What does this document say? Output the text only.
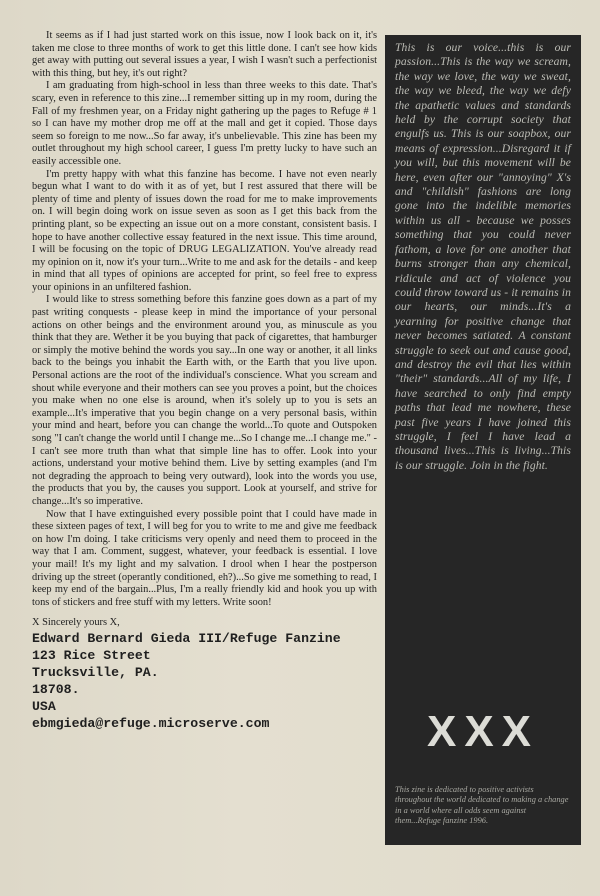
It seems as if I had just started work on this issue, now I look back on it, it's taken me close to three months of work to get this little done. I can't see how kids get away with putting out several issues a year, I wish I wasn't such a perfectionist with this thing, but hey, it's out right?

I am graduating from high-school in less than three weeks to this date. That's scary, even in reference to this zine...I remember sitting up in my room, during the Fall of my freshmen year, on a Friday night gathering up the pages to Refuge # 1 so I can have my mother drop me off at the mall and get it copied. Those days seem so foreign to me now...So far away, it's unbelievable. This zine has been my outlet throughout my high school career, I guess I'm pretty lucky to have such an easily accessible one.

I'm pretty happy with what this fanzine has become. I have not even nearly begun what I want to do with it as of yet, but I rest assured that there will be plenty of time and plenty of issues down the road for me to make improvements on. I will begin doing work on issue seven as soon as I get this back from the printing plant, so be expecting an issue out on a more constant, consistent basis. I hope to have another collective essay featured in the next issue. This time around, I will be focusing on the topic of DRUG LEGALIZATION. You've already read my opinion on it, now it's your turn...Write to me and ask for the details - and keep in mind that all types of opinions are accepted for print, so feel free to express your opinions in an unfiltered fashion.

I would like to stress something before this fanzine goes down as a part of my past writing conquests - please keep in mind the importance of your personal actions on other beings and the environment around you, as minuscule as you think that they are. Wether it be you buying that pack of cigarettes, that hamburger or simply the motive behind the words you say...In one way or another, it all links back to the beings you inhabit the Earth with, or the Earth that you live upon. Personal actions are the root of the individual's conscience. What you scream and shout while everyone and their mothers can see you proves a point, but the choices you make when no one else is around, when it's solely up to you is sets an example...It's imperative that you begin change on a very personal basis, within your mind and heart, before you can change the world...To quote and Outspoken song "I can't change the world until I change me...So I change me...I change me." - I can't see more truth than what that simple line has to offer. Look into your actions, understand your motive behind them. Live by setting examples (and I'm not degrading the approach to being very outward), look into the words you use, the products that you by, the causes you support. Look at yourself, and strive for change...It's so imperative.

Now that I have extinguished every possible point that I could have made in these sixteen pages of text, I will beg for you to write to me and give me feedback on how I'm doing. I take criticisms very openly and need them to proceed in the way that I am. Comment, suggest, whatever, your feedback is essential. I love your mail! It's my light and my salvation. I drool when I hear the postperson driving up the street (operantly conditioned, eh?)...So give me something to read, I keep my end of the bargain...Plus, I'm a really friendly kid and hook you up with tons of stickers and free stuff with my letters. Write soon!

X Sincerely yours X,
Edward Bernard Gieda III/Refuge Fanzine
123 Rice Street
Trucksville, PA.
18708.
USA
ebmgieda@refuge.microserve.com
This is our voice...this is our passion...This is the way we scream, the way we love, the way we sweat, the way we bleed, the way we defy the apathetic values and standards held by the corrupt society that engulfs us. This is our soapbox, our means of expression...Disregard it if you will, but this movement will be here, even after our "annoying" X's and "childish" fashions are long gone into the indelible memories within us all - because we posses something that you could never fathom, a love for one another that burns stronger than any chemical, ridicule and act of violence you could throw toward us - it remains in our hearts, our minds...It's a yearning for positive change that never becomes satiated. A constant struggle to seek out and cause good, and destroy the evil that lies within "their" standards...All of my life, I have searched to only find empty paths that lead me nowhere, these past five years I have joined this struggle, I feel I have lead a thousand lives...This is living...This is our struggle. Join in the fight.
XXX
This zine is dedicated to positive activists throughout the world dedicated to making a change in a world where all odds seem against them...Refuge fanzine 1996.
